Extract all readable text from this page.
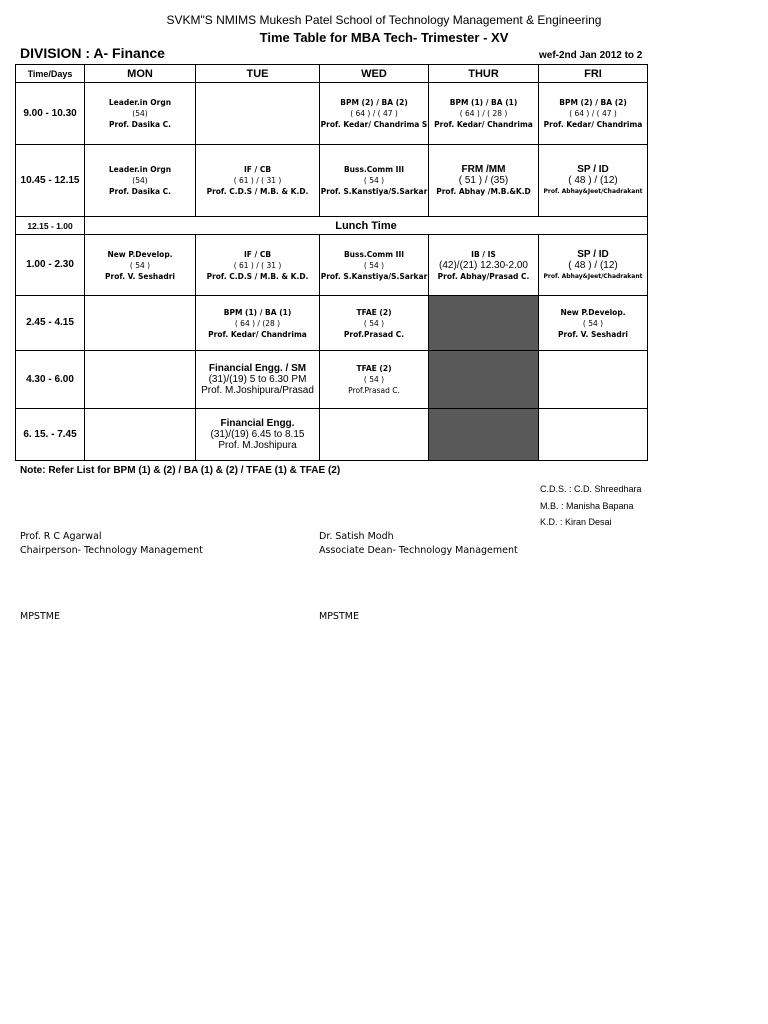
SVKM"S NMIMS Mukesh Patel School of Technology Management & Engineering
Time Table for MBA Tech- Trimester - XV
DIVISION : A- Finance	wef-2nd Jan 2012 to 2
Time/Days	MON	TUE	WED	THUR	FRI
9.00 - 10.30	Leader.in Orgn
(54)
Prof. Dasika C.		BPM (2) / BA (2)
( 64 ) / ( 47 )
Prof. Kedar/ Chandrima S	BPM (1) / BA (1)
( 64 ) / ( 28 )
Prof. Kedar/ Chandrima	BPM (2) / BA (2)
( 64 ) / ( 47 )
Prof. Kedar/ Chandrima

10.45 - 12.15	Leader.in Orgn
(54)
Prof. Dasika C.	IF / CB
( 61 ) / ( 31 )
Prof. C.D.S / M.B. & K.D.	Buss.Comm III
( 54 )
Prof. S.Kanstiya/S.Sarkar	FRM /MM
( 51 ) / (35)
Prof. Abhay /M.B.&K.D	SP / ID
( 48 ) / (12)
Prof. Abhay&Jeet/Chadrakant

12.15 - 1.00	Lunch Time				
1.00 - 2.30	New P.Develop.
( 54 )
Prof. V. Seshadri	IF / CB
( 61 ) / ( 31 )
Prof. C.D.S / M.B. & K.D.	Buss.Comm III
( 54 )
Prof. S.Kanstiya/S.Sarkar	IB / IS
(42)/(21) 12.30-2.00
Prof. Abhay/Prasad C.	SP / ID
( 48 ) / (12)
Prof. Abhay&Jeet/Chadrakant

2.45 - 4.15		BPM (1) / BA (1)
( 64 ) / (28 )
Prof. Kedar/ Chandrima	TFAE (2)
( 54 )
Prof.Prasad C.		New P.Develop.
( 54 )
Prof. V. Seshadri

4.30 - 6.00		Financial Engg. / SM
(31)/(19) 5 to 6.30 PM
Prof. M.Joshipura/Prasad	TFAE (2)
( 54 )
Prof.Prasad C.		

6. 15. - 7.45		Financial Engg.
(31)/(19) 6.45 to 8.15
Prof. M.Joshipura			

Note: Refer List for BPM (1) & (2) / BA (1) & (2) / TFAE (1) & TFAE (2)
C.D.S. : C.D. Shreedhara
M.B. : Manisha Bapana
K.D. : Kiran Desai
Prof. R C Agarwal
Chairperson- Technology Management
MPSTME
Dr. Satish Modh
Associate Dean- Technology Management
MPSTME
